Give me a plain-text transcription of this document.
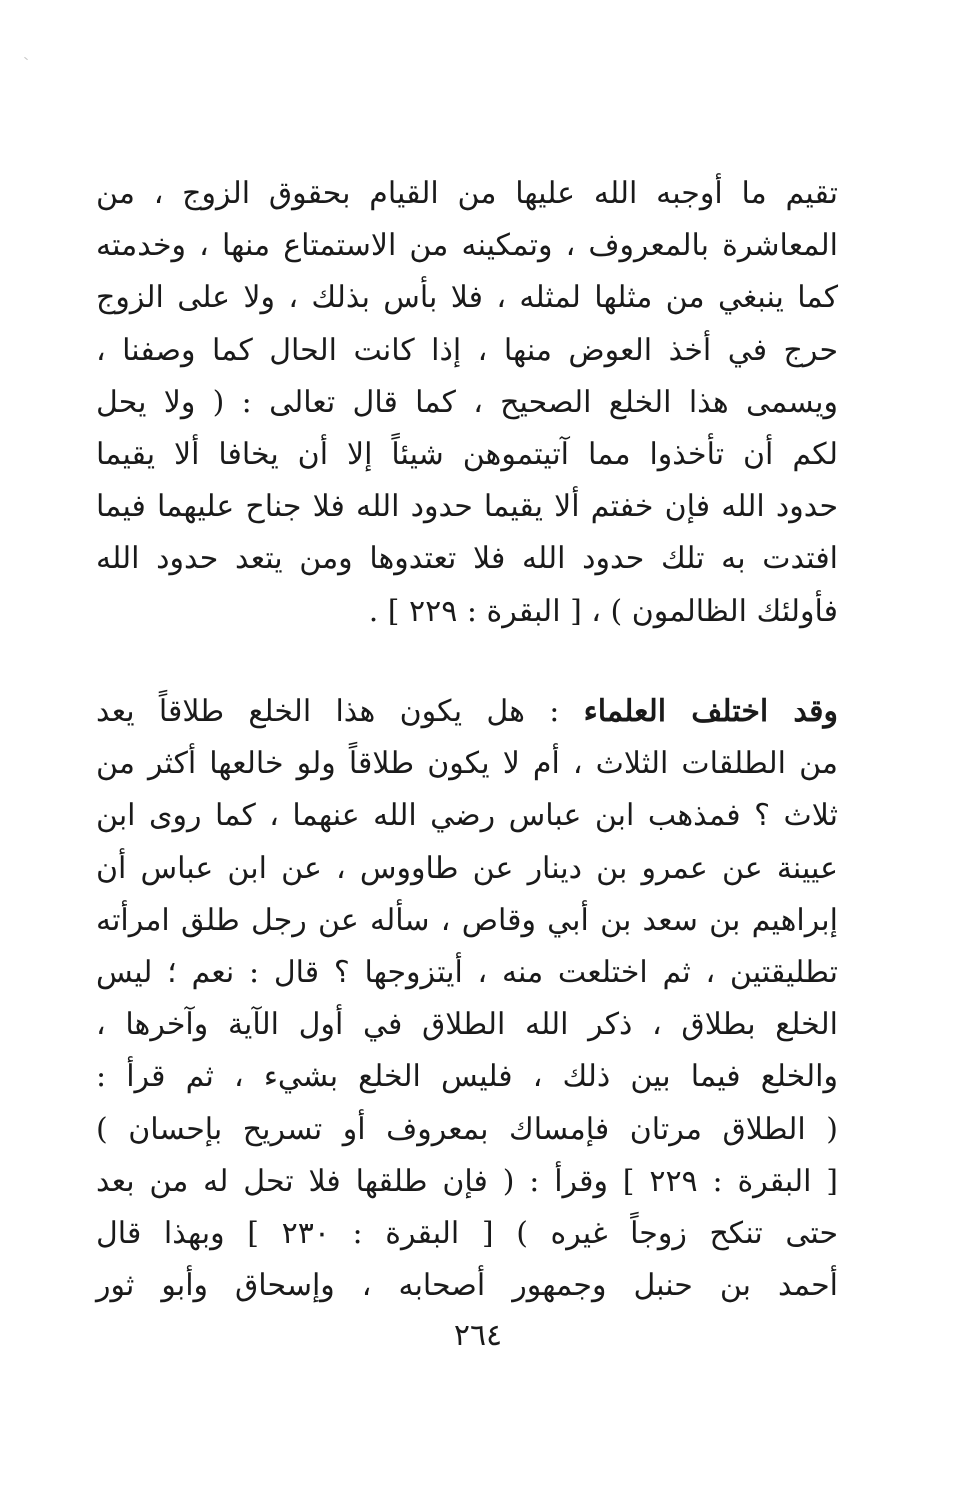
تقيم ما أوجبه الله عليها من القيام بحقوق الزوج ، من
المعاشرة بالمعروف ، وتمكينه من الاستمتاع منها ، وخدمته
كما ينبغي من مثلها لمثله ، فلا بأس بذلك ، ولا على الزوج
حرج في أخذ العوض منها ، إذا كانت الحال كما وصفنا ،
ويسمى هذا الخلع الصحيح ، كما قال تعالى : ( ولا يحل
لكم أن تأخذوا مما آتيتموهن شيئاً إلا أن يخافا ألا يقيما
حدود الله فإن خفتم ألا يقيما حدود الله فلا جناح عليهما فيما
افتدت به تلك حدود الله فلا تعتدوها ومن يتعد حدود الله
فأولئك الظالمون ) ، [ البقرة : ٢٢٩ ] .
وقد اختلف العلماء : هل يكون هذا الخلع طلاقاً يعد
من الطلقات الثلاث ، أم لا يكون طلاقاً ولو خالعها أكثر من
ثلاث ؟ فمذهب ابن عباس رضي الله عنهما ، كما روى ابن
عيينة عن عمرو بن دينار عن طاووس ، عن ابن عباس أن
إبراهيم بن سعد بن أبي وقاص ، سأله عن رجل طلق امرأته
تطليقتين ، ثم اختلعت منه ، أيتزوجها ؟ قال : نعم ؛ ليس
الخلع بطلاق ، ذكر الله الطلاق في أول الآية وآخرها ،
والخلع فيما بين ذلك ، فليس الخلع بشيء ، ثم قرأ :
( الطلاق مرتان فإمساك بمعروف أو تسريح بإحسان )
[ البقرة : ٢٢٩ ] وقرأ : ( فإن طلقها فلا تحل له من بعد
حتى تنكح زوجاً غيره ) [ البقرة : ٢٣٠ ] وبهذا قال
أحمد بن حنبل وجمهور أصحابه ، وإسحاق وأبو ثور
٢٦٤
